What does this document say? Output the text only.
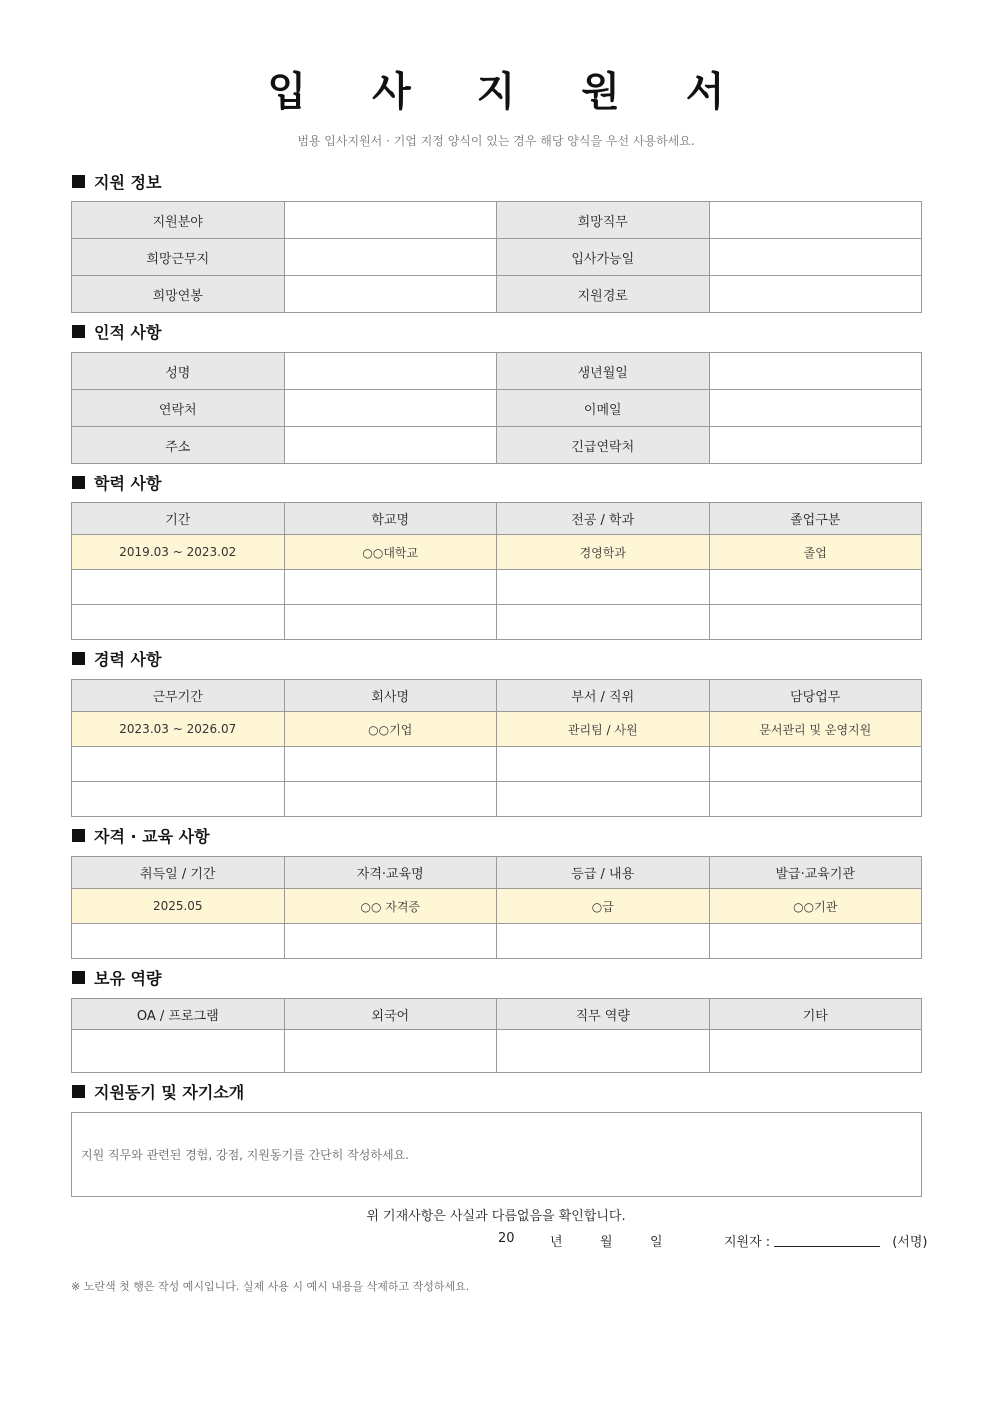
입 사 지 원 서
범용 입사지원서 · 기업 지정 양식이 있는 경우 해당 양식을 우선 사용하세요.
지원 정보
지원분야		희망직무	
희망근무지		입사가능일	
희망연봉		지원경로	
인적 사항
성명		생년월일	
연락처		이메일	
주소		긴급연락처	
학력 사항
기간	학교명	전공 / 학과	졸업구분
2019.03 ~ 2023.02	○○대학교	경영학과	졸업

경력 사항
근무기간	회사명	부서 / 직위	담당업무
2023.03 ~ 2026.07	○○기업	관리팀 / 사원	문서관리 및 운영지원

자격 · 교육 사항
취득일 / 기간	자격·교육명	등급 / 내용	발급·교육기관
2025.05	○○ 자격증	○급	○○기관

보유 역량
OA / 프로그램	외국어	직무 역량	기타

지원동기 및 자기소개
지원 직무와 관련된 경험, 강점, 지원동기를 간단히 작성하세요.
위 기재사항은 사실과 다름없음을 확인합니다.
20	년	월	일	지원자 :	(서명)
※ 노란색 첫 행은 작성 예시입니다. 실제 사용 시 예시 내용을 삭제하고 작성하세요.
